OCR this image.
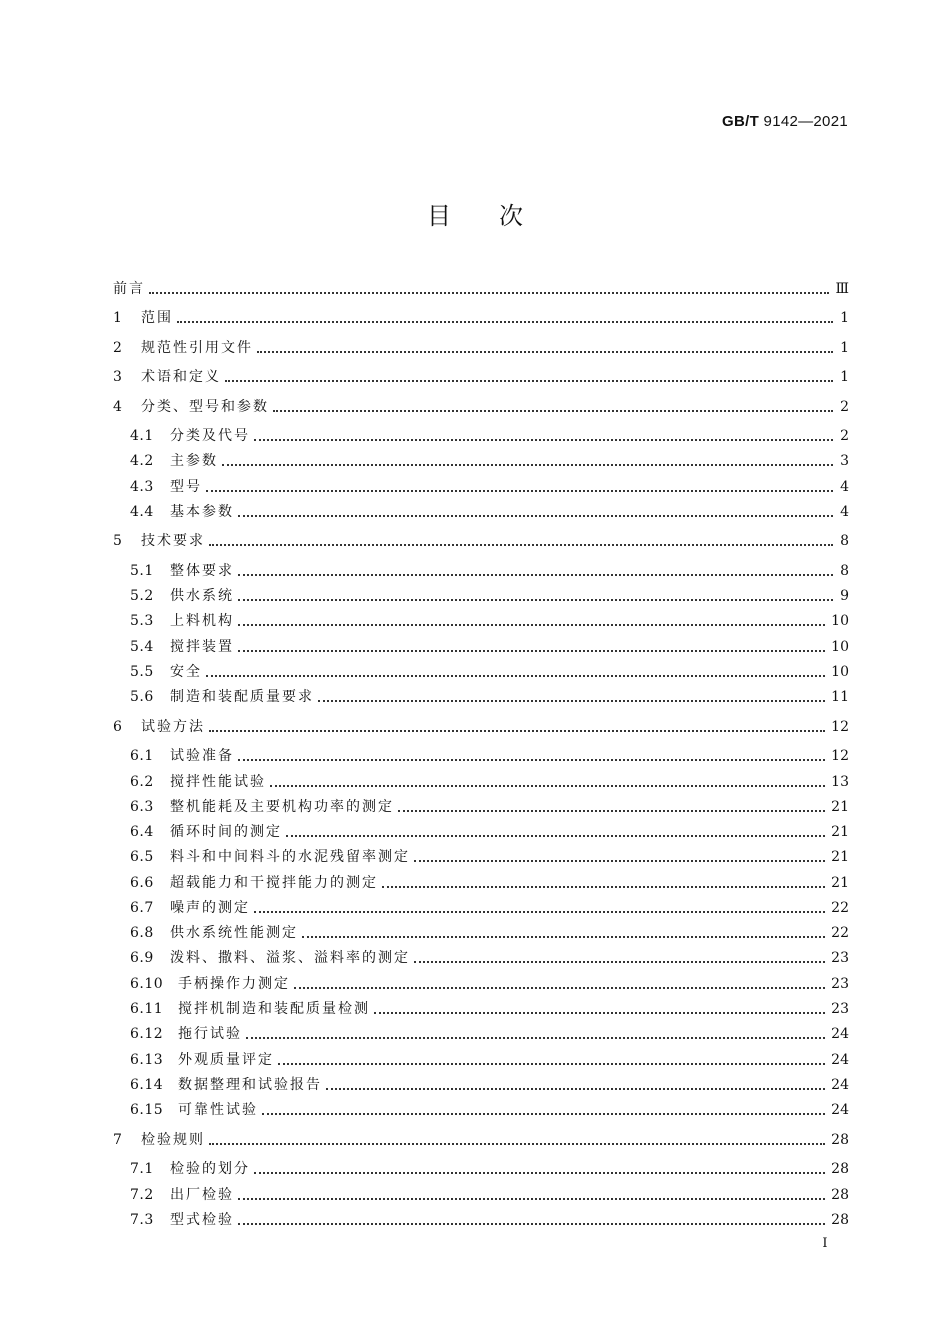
GB/T 9142—2021
目次
前言	Ⅲ
1	范围	1
2	规范性引用文件	1
3	术语和定义	1
4	分类、型号和参数	2
4.1	分类及代号	2
4.2	主参数	3
4.3	型号	4
4.4	基本参数	4
5	技术要求	8
5.1	整体要求	8
5.2	供水系统	9
5.3	上料机构	10
5.4	搅拌装置	10
5.5	安全	10
5.6	制造和装配质量要求	11
6	试验方法	12
6.1	试验准备	12
6.2	搅拌性能试验	13
6.3	整机能耗及主要机构功率的测定	21
6.4	循环时间的测定	21
6.5	料斗和中间料斗的水泥残留率测定	21
6.6	超载能力和干搅拌能力的测定	21
6.7	噪声的测定	22
6.8	供水系统性能测定	22
6.9	泼料、撒料、溢浆、溢料率的测定	23
6.10	手柄操作力测定	23
6.11	搅拌机制造和装配质量检测	23
6.12	拖行试验	24
6.13	外观质量评定	24
6.14	数据整理和试验报告	24
6.15	可靠性试验	24
7	检验规则	28
7.1	检验的划分	28
7.2	出厂检验	28
7.3	型式检验	28
I
